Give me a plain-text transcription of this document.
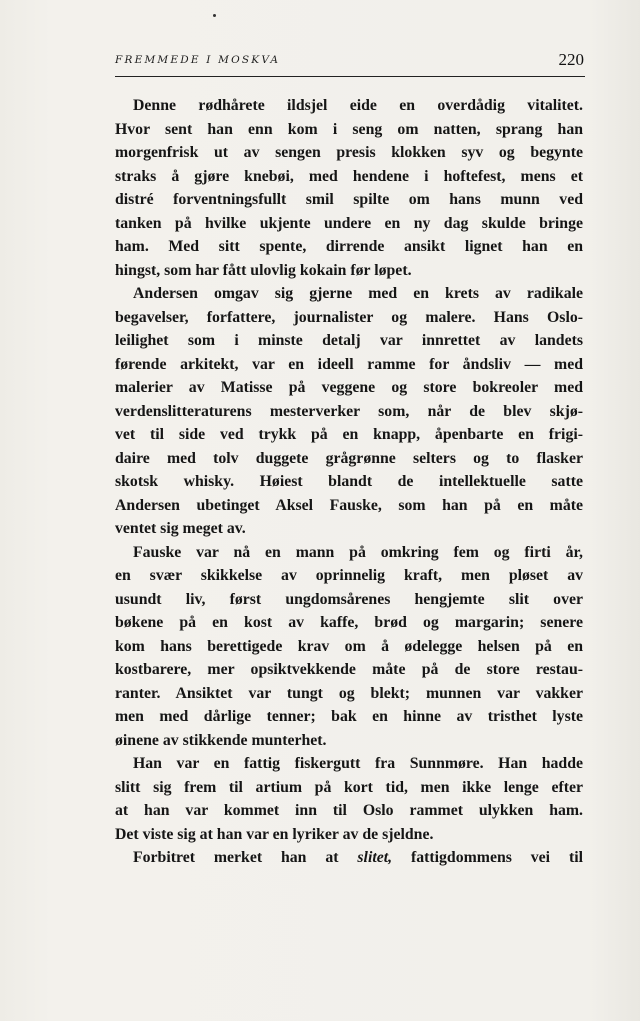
FREMMEDE I MOSKVA	220
Denne rødhårete ildsjel eide en overdådig vitalitet.
Hvor sent han enn kom i seng om natten, sprang han
morgenfrisk ut av sengen presis klokken syv og begynte
straks å gjøre knebøi, med hendene i hoftefest, mens et
distré forventningsfullt smil spilte om hans munn ved
tanken på hvilke ukjente undere en ny dag skulde bringe
ham. Med sitt spente, dirrende ansikt lignet han en
hingst, som har fått ulovlig kokain før løpet.
Andersen omgav sig gjerne med en krets av radikale
begavelser, forfattere, journalister og malere. Hans Oslo-
leilighet som i minste detalj var innrettet av landets
førende arkitekt, var en ideell ramme for åndsliv — med
malerier av Matisse på veggene og store bokreoler med
verdenslitteraturens mesterverker som, når de blev skjø-
vet til side ved trykk på en knapp, åpenbarte en frigi-
daire med tolv duggete grågrønne selters og to flasker
skotsk whisky. Høiest blandt de intellektuelle satte
Andersen ubetinget Aksel Fauske, som han på en måte
ventet sig meget av.
Fauske var nå en mann på omkring fem og firti år,
en svær skikkelse av oprinnelig kraft, men pløset av
usundt liv, først ungdomsårenes hengjemte slit over
bøkene på en kost av kaffe, brød og margarin; senere
kom hans berettigede krav om å ødelegge helsen på en
kostbarere, mer opsiktvekkende måte på de store restau-
ranter. Ansiktet var tungt og blekt; munnen var vakker
men med dårlige tenner; bak en hinne av tristhet lyste
øinene av stikkende munterhet.
Han var en fattig fiskergutt fra Sunnmøre. Han hadde
slitt sig frem til artium på kort tid, men ikke lenge efter
at han var kommet inn til Oslo rammet ulykken ham.
Det viste sig at han var en lyriker av de sjeldne.
Forbitret merket han at slitet, fattigdommens vei til
